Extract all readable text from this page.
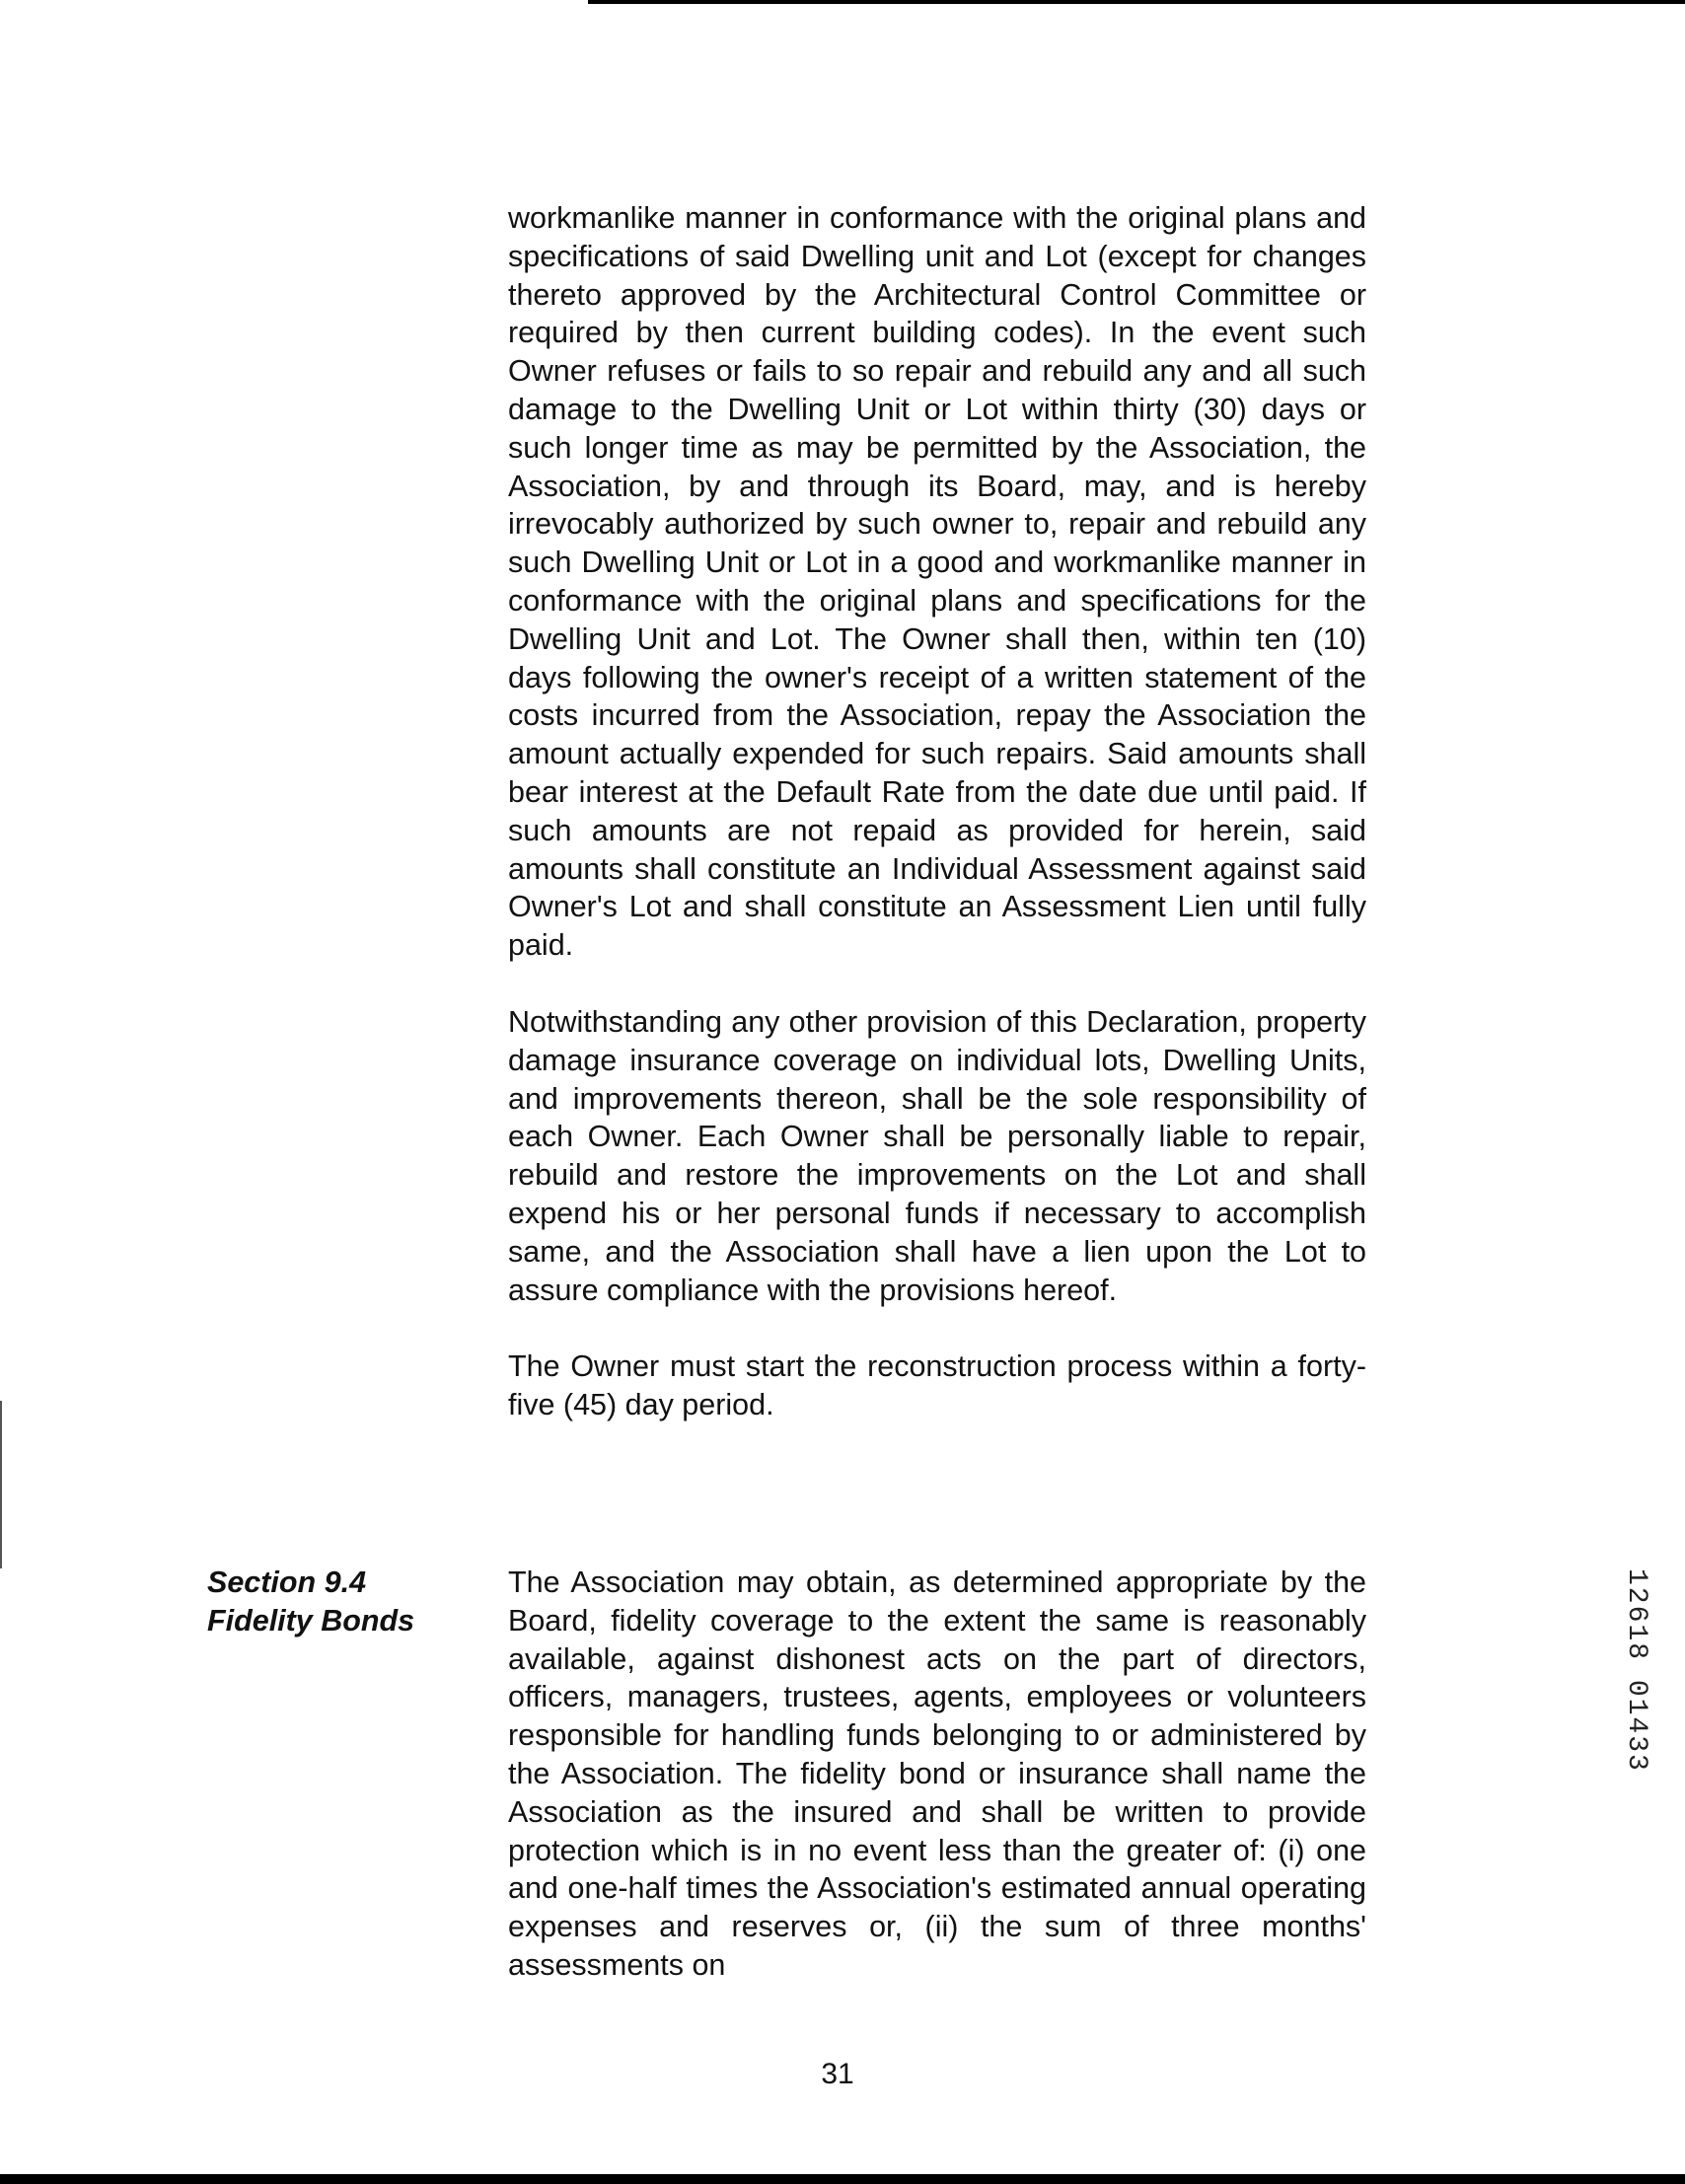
workmanlike manner in conformance with the original plans and specifications of said Dwelling unit and Lot (except for changes thereto approved by the Architectural Control Committee or required by then current building codes). In the event such Owner refuses or fails to so repair and rebuild any and all such damage to the Dwelling Unit or Lot within thirty (30) days or such longer time as may be permitted by the Association, the Association, by and through its Board, may, and is hereby irrevocably authorized by such owner to, repair and rebuild any such Dwelling Unit or Lot in a good and workmanlike manner in conformance with the original plans and specifications for the Dwelling Unit and Lot. The Owner shall then, within ten (10) days following the owner's receipt of a written statement of the costs incurred from the Association, repay the Association the amount actually expended for such repairs. Said amounts shall bear interest at the Default Rate from the date due until paid. If such amounts are not repaid as provided for herein, said amounts shall constitute an Individual Assessment against said Owner's Lot and shall constitute an Assessment Lien until fully paid.

Notwithstanding any other provision of this Declaration, property damage insurance coverage on individual lots, Dwelling Units, and improvements thereon, shall be the sole responsibility of each Owner. Each Owner shall be personally liable to repair, rebuild and restore the improvements on the Lot and shall expend his or her personal funds if necessary to accomplish same, and the Association shall have a lien upon the Lot to assure compliance with the provisions hereof.

The Owner must start the reconstruction process within a forty-five (45) day period.

Section 9.4
Fidelity Bonds

The Association may obtain, as determined appropriate by the Board, fidelity coverage to the extent the same is reasonably available, against dishonest acts on the part of directors, officers, managers, trustees, agents, employees or volunteers responsible for handling funds belonging to or administered by the Association. The fidelity bond or insurance shall name the Association as the insured and shall be written to provide protection which is in no event less than the greater of: (i) one and one-half times the Association's estimated annual operating expenses and reserves or, (ii) the sum of three months' assessments on

12618 01433
31
